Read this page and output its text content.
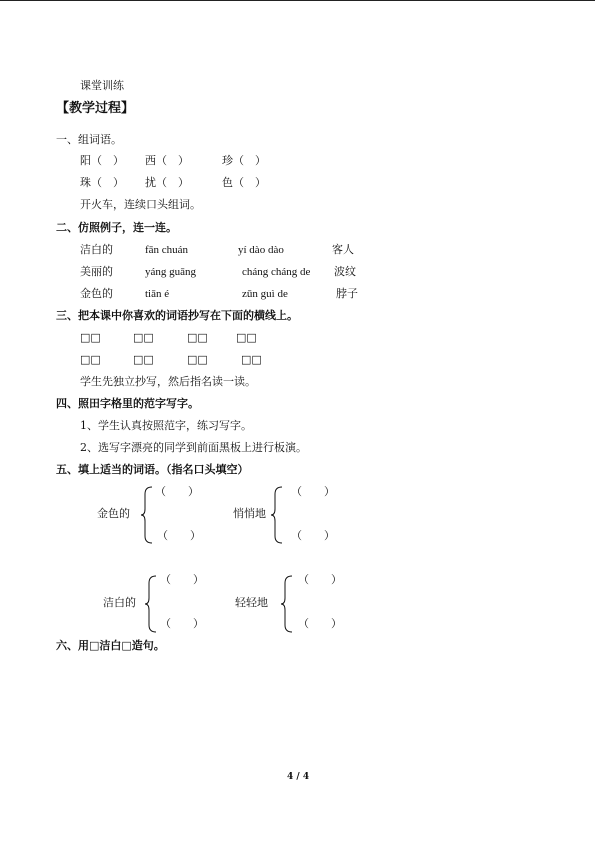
课堂训练
【教学过程】
一、组词语。
阳（　） 西（　）	珍（　）
珠（　） 扰（　）	色（　）
开火车，连续口头组词。
二、仿照例子，连一连。
洁白的	fān chuán	yí dào dào	客人
美丽的	yáng guāng	cháng cháng de 波纹
金色的	tiān é	zūn guì de	脖子
三、把本课中你喜欢的词语抄写在下面的横线上。
□□	□□	□□	□□
□□	□□	□□	□□
学生先独立抄写，然后指名读一读。
四、照田字格里的范字写字。
1、学生认真按照范字，练习写字。
2、选写字漂亮的同学到前面黑板上进行板演。
五、填上适当的词语。（指名口头填空）
金色的
（　　）
（　　）
悄悄地
（　　）
（　　）
洁白的
（　　）
（　　）
轻轻地
（　　）
（　　）
六、用□洁白□造句。
4 / 4
